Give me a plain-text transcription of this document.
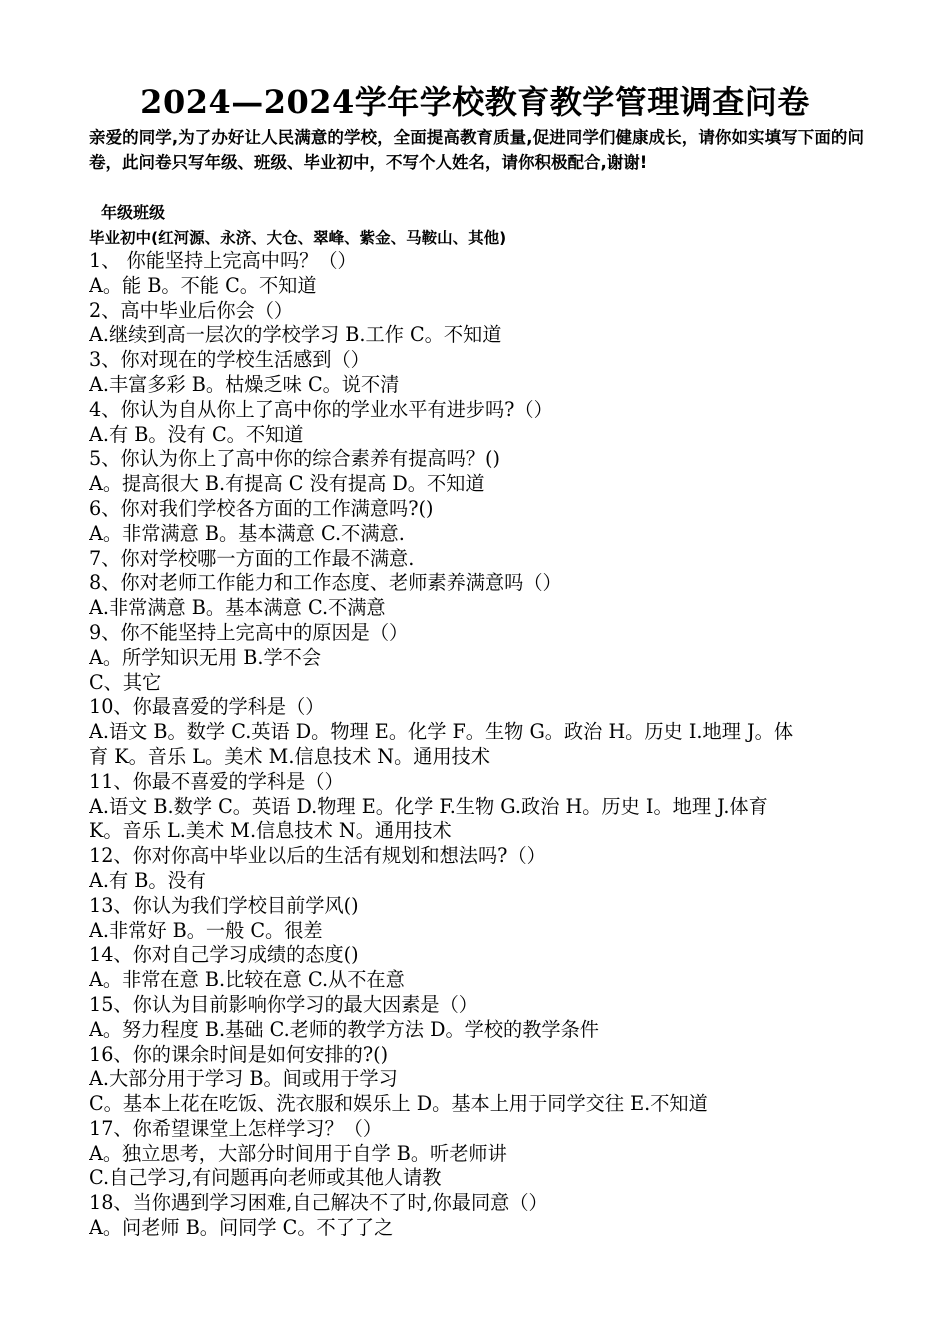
2024—2024学年学校教育教学管理调查问卷
亲爱的同学,为了办好让人民满意的学校，全面提高教育质量,促进同学们健康成长，请你如实填写下面的问卷，此问卷只写年级、班级、毕业初中，不写个人姓名，请你积极配合,谢谢!
年级班级
毕业初中(红河源、永济、大仓、翠峰、紫金、马鞍山、其他)
1、 你能坚持上完高中吗？（）
A。能 B。不能 C。不知道
2、高中毕业后你会（）
A.继续到高一层次的学校学习 B.工作 C。不知道
3、你对现在的学校生活感到（）
A.丰富多彩 B。枯燥乏味 C。说不清
4、你认为自从你上了高中你的学业水平有进步吗?（）
A.有 B。没有 C。不知道
5、你认为你上了高中你的综合素养有提高吗？()
A。提高很大 B.有提高 C 没有提高 D。不知道
6、你对我们学校各方面的工作满意吗?()
A。非常满意 B。基本满意 C.不满意.
7、你对学校哪一方面的工作最不满意.
8、你对老师工作能力和工作态度、老师素养满意吗（）
A.非常满意 B。基本满意 C.不满意
9、你不能坚持上完高中的原因是（）
A。所学知识无用 B.学不会
C、其它
10、你最喜爱的学科是（）
A.语文 B。数学 C.英语 D。物理 E。化学 F。生物 G。政治 H。历史 I.地理 J。体
育 K。音乐 L。美术 M.信息技术 N。通用技术
11、你最不喜爱的学科是（）
A.语文 B.数学 C。英语 D.物理 E。化学 F.生物 G.政治 H。历史 I。地理 J.体育
K。音乐 L.美术 M.信息技术 N。通用技术
12、你对你高中毕业以后的生活有规划和想法吗?（）
A.有 B。没有
13、你认为我们学校目前学风()
A.非常好 B。一般 C。很差
14、你对自己学习成绩的态度()
A。非常在意 B.比较在意 C.从不在意
15、你认为目前影响你学习的最大因素是（）
A。努力程度 B.基础 C.老师的教学方法 D。学校的教学条件
16、你的课余时间是如何安排的?()
A.大部分用于学习 B。间或用于学习
C。基本上花在吃饭、洗衣服和娱乐上 D。基本上用于同学交往 E.不知道
17、你希望课堂上怎样学习？（）
A。独立思考，大部分时间用于自学 B。听老师讲
C.自己学习,有问题再向老师或其他人请教
18、当你遇到学习困难,自己解决不了时,你最同意（）
A。问老师 B。问同学 C。不了了之
